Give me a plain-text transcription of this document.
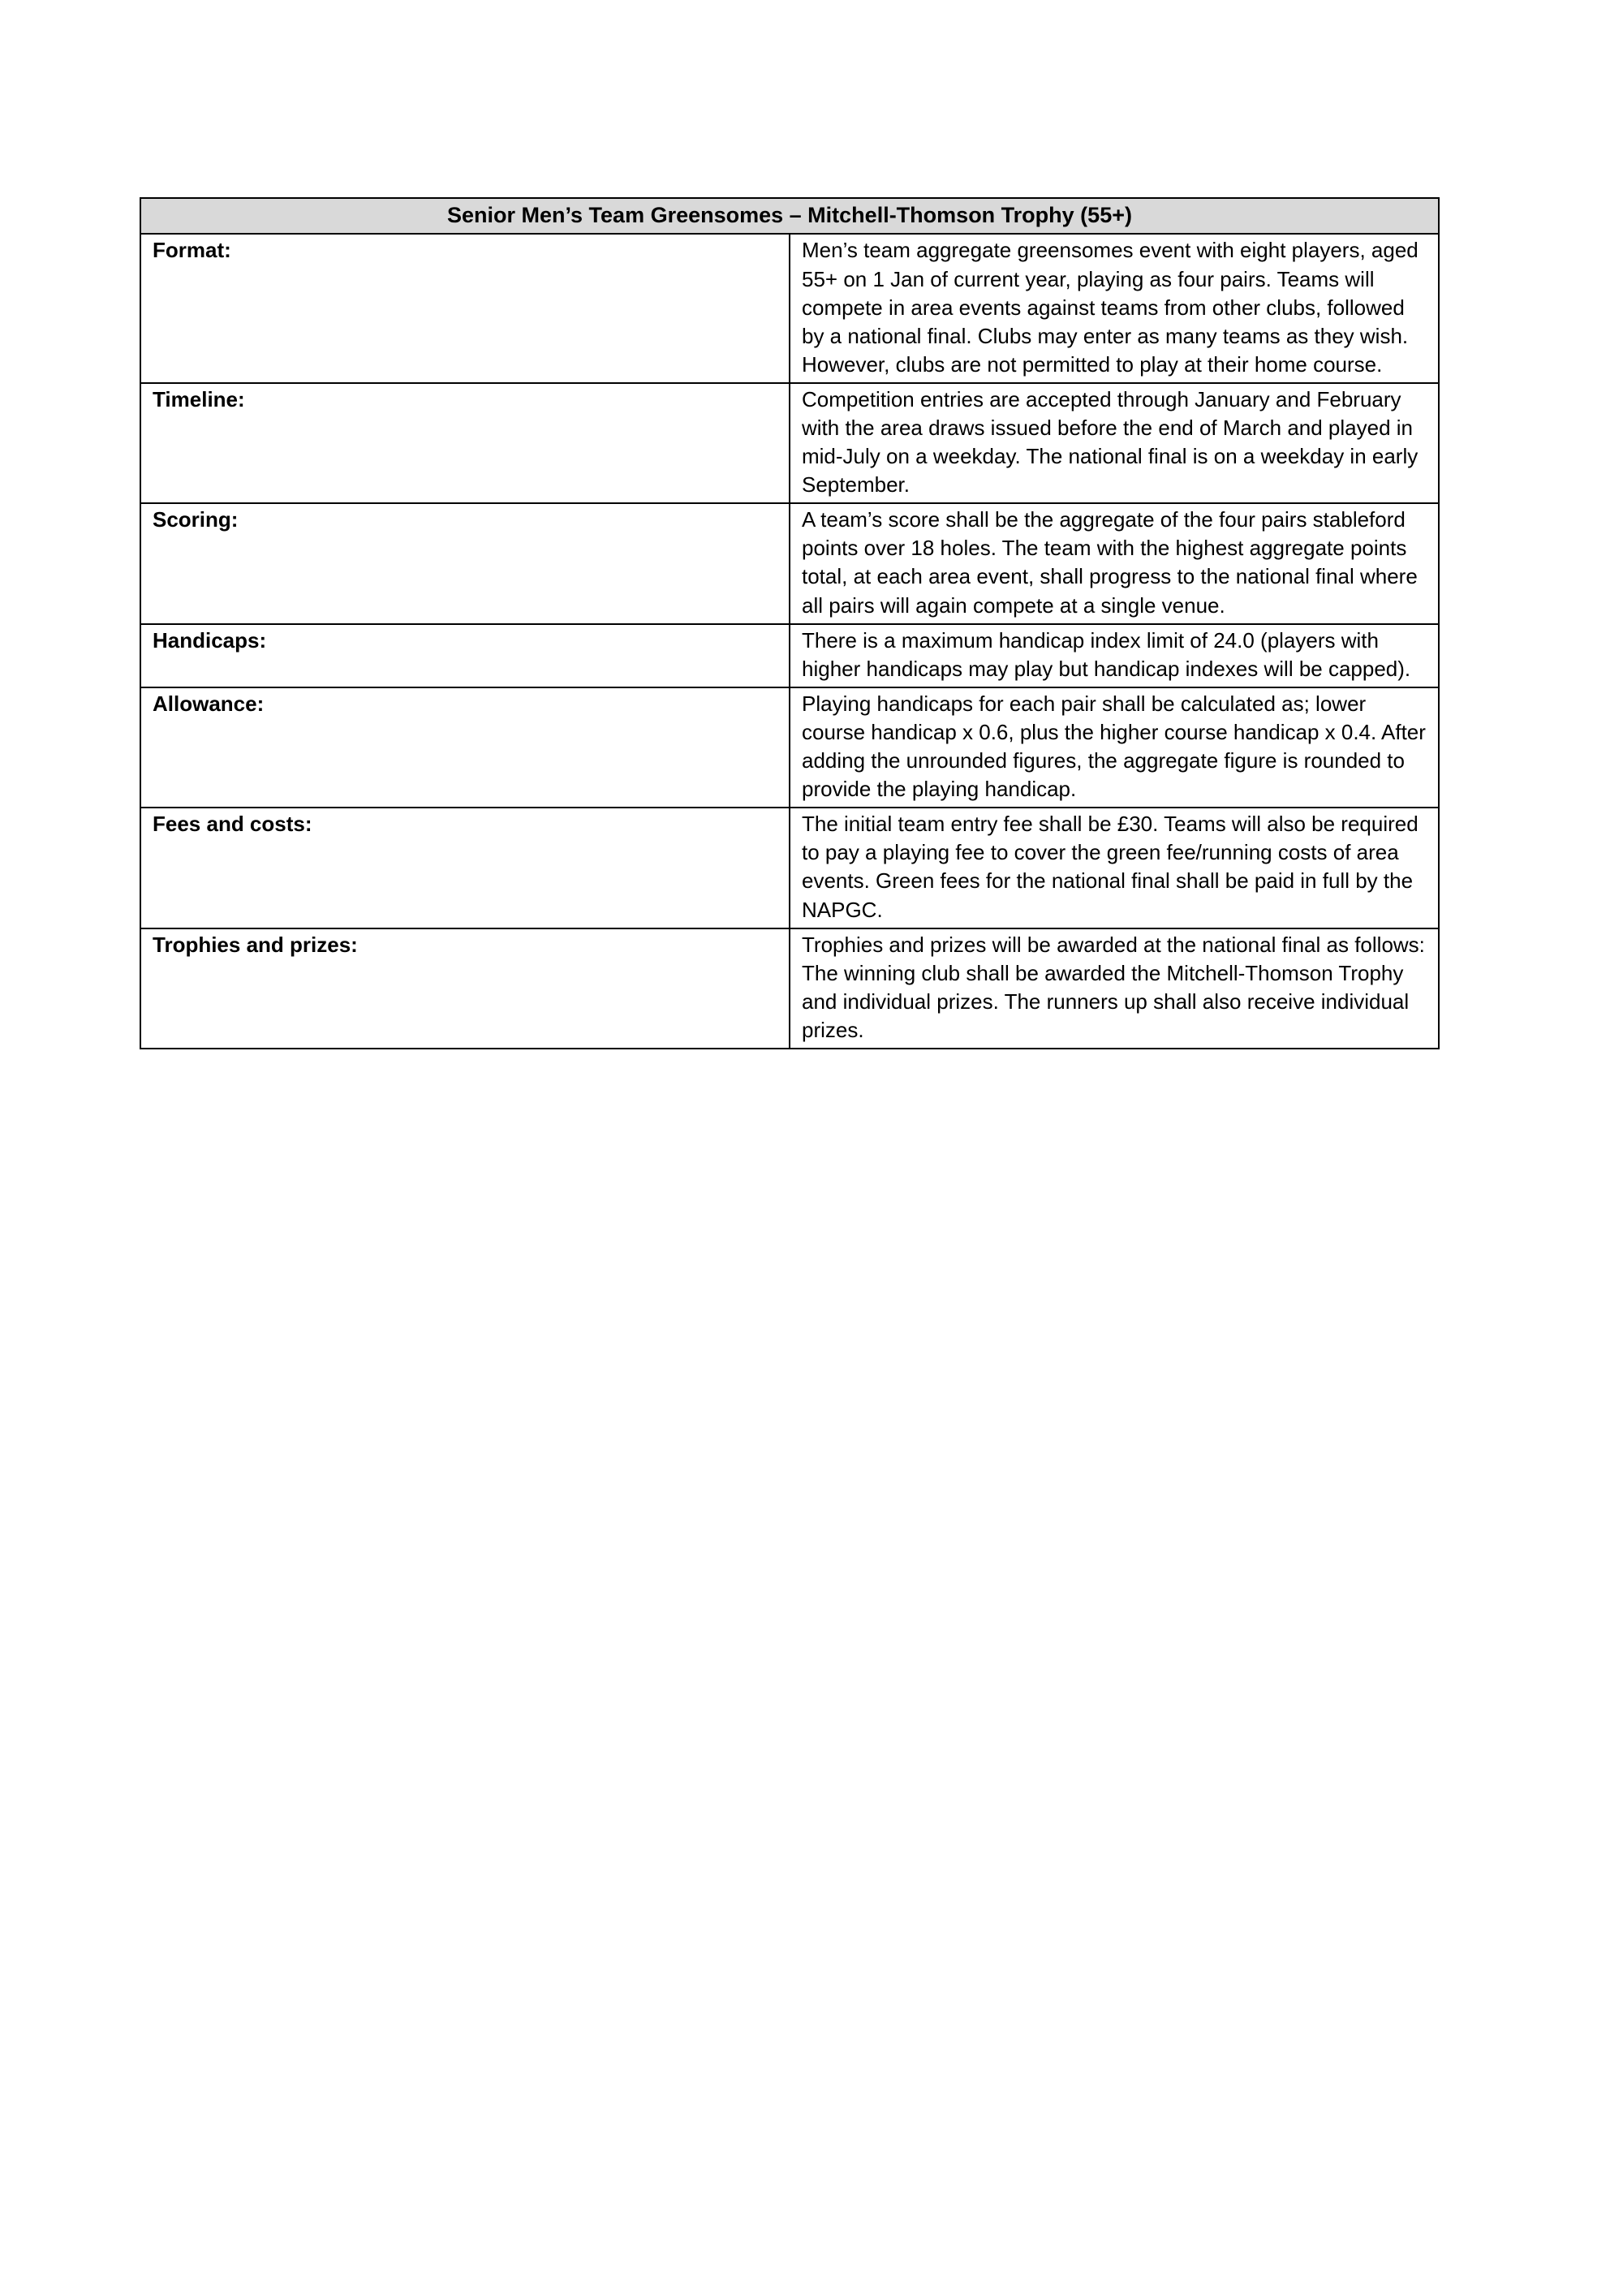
Senior Men’s Team Greensomes – Mitchell-Thomson Trophy (55+)	
Format:	Men’s team aggregate greensomes event with eight players, aged 55+ on 1 Jan of current year, playing as four pairs. Teams will compete in area events against teams from other clubs, followed by a national final. Clubs may enter as many teams as they wish. However, clubs are not permitted to play at their home course.
Timeline:	Competition entries are accepted through January and February with the area draws issued before the end of March and played in mid-July on a weekday. The national final is on a weekday in early September.
Scoring:	A team’s score shall be the aggregate of the four pairs stableford points over 18 holes. The team with the highest aggregate points total, at each area event, shall progress to the national final where all pairs will again compete at a single venue.
Handicaps:	There is a maximum handicap index limit of 24.0 (players with higher handicaps may play but handicap indexes will be capped).
Allowance:	Playing handicaps for each pair shall be calculated as; lower course handicap x 0.6, plus the higher course handicap x 0.4. After adding the unrounded figures, the aggregate figure is rounded to provide the playing handicap.
Fees and costs:	The initial team entry fee shall be £30. Teams will also be required to pay a playing fee to cover the green fee/running costs of area events. Green fees for the national final shall be paid in full by the NAPGC.
Trophies and prizes:	Trophies and prizes will be awarded at the national final as follows: The winning club shall be awarded the Mitchell-Thomson Trophy and individual prizes. The runners up shall also receive individual prizes.
